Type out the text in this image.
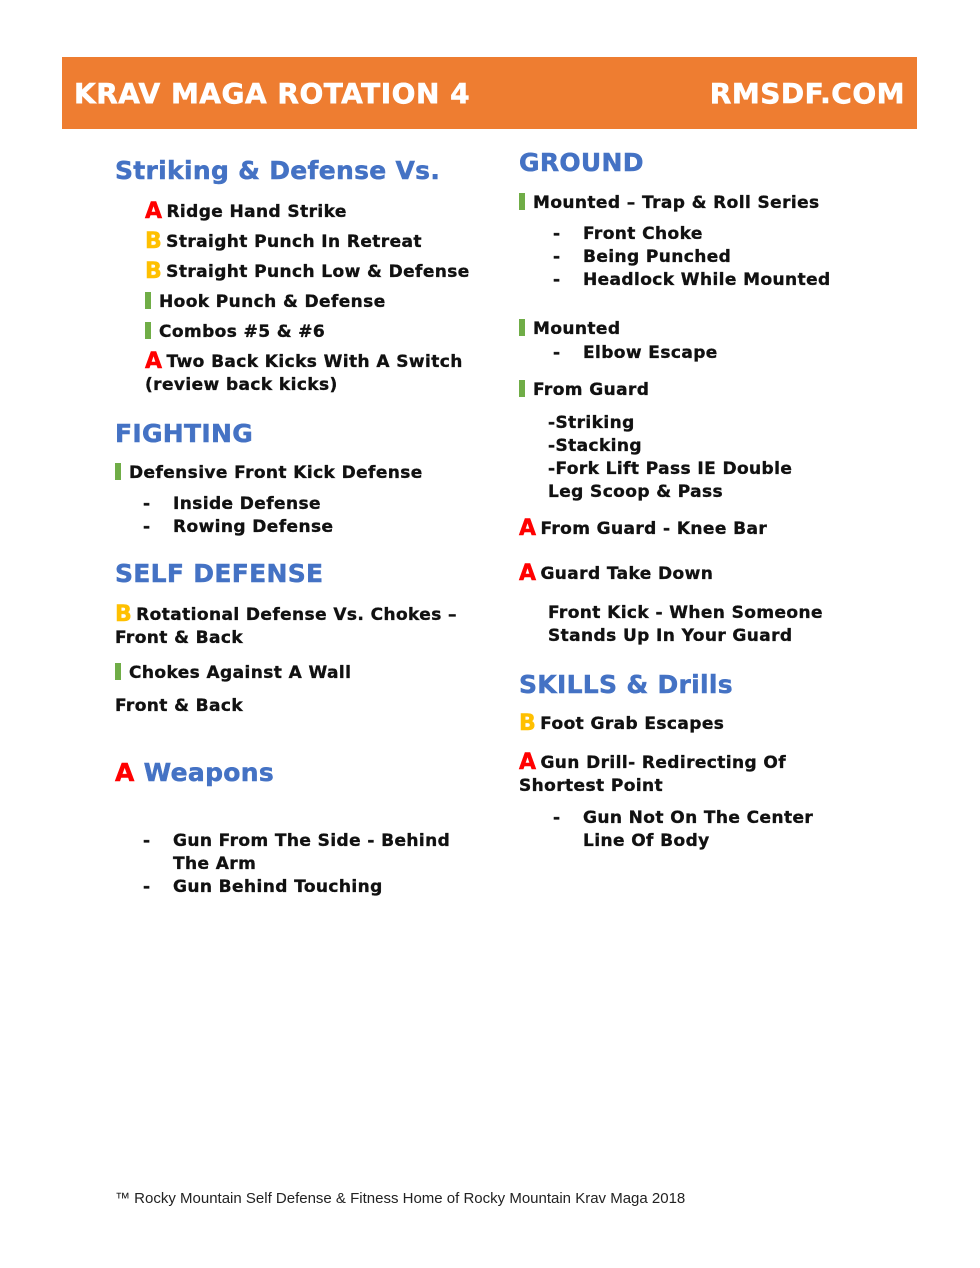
KRAV MAGA ROTATION 4	RMSDF.COM
Striking & Defense Vs.

A Ridge Hand Strike

B Straight Punch In Retreat

B Straight Punch Low & Defense

Hook Punch & Defense

Combos #5 & #6

A Two Back Kicks With A Switch (review back kicks)

FIGHTING

Defensive Front Kick Defense

- Inside Defense
- Rowing Defense
SELF DEFENSE

B Rotational Defense Vs. Chokes – Front & Back

Chokes Against A Wall

Front & Back

A Weapons
- Gun From The Side - Behind The Arm
- Gun Behind Touching
GROUND

Mounted – Trap & Roll Series

- Front Choke
- Being Punched
- Headlock While Mounted

Mounted

- Elbow Escape

From Guard

-Striking
-Stacking
-Fork Lift Pass IE Double Leg Scoop & Pass

A From Guard - Knee Bar

A Guard Take Down

Front Kick - When Someone Stands Up In Your Guard

SKILLS & Drills

B Foot Grab Escapes

A Gun Drill- Redirecting Of Shortest Point

- Gun Not On The Center Line Of Body
™ Rocky Mountain Self Defense & Fitness Home of Rocky Mountain Krav Maga 2018
